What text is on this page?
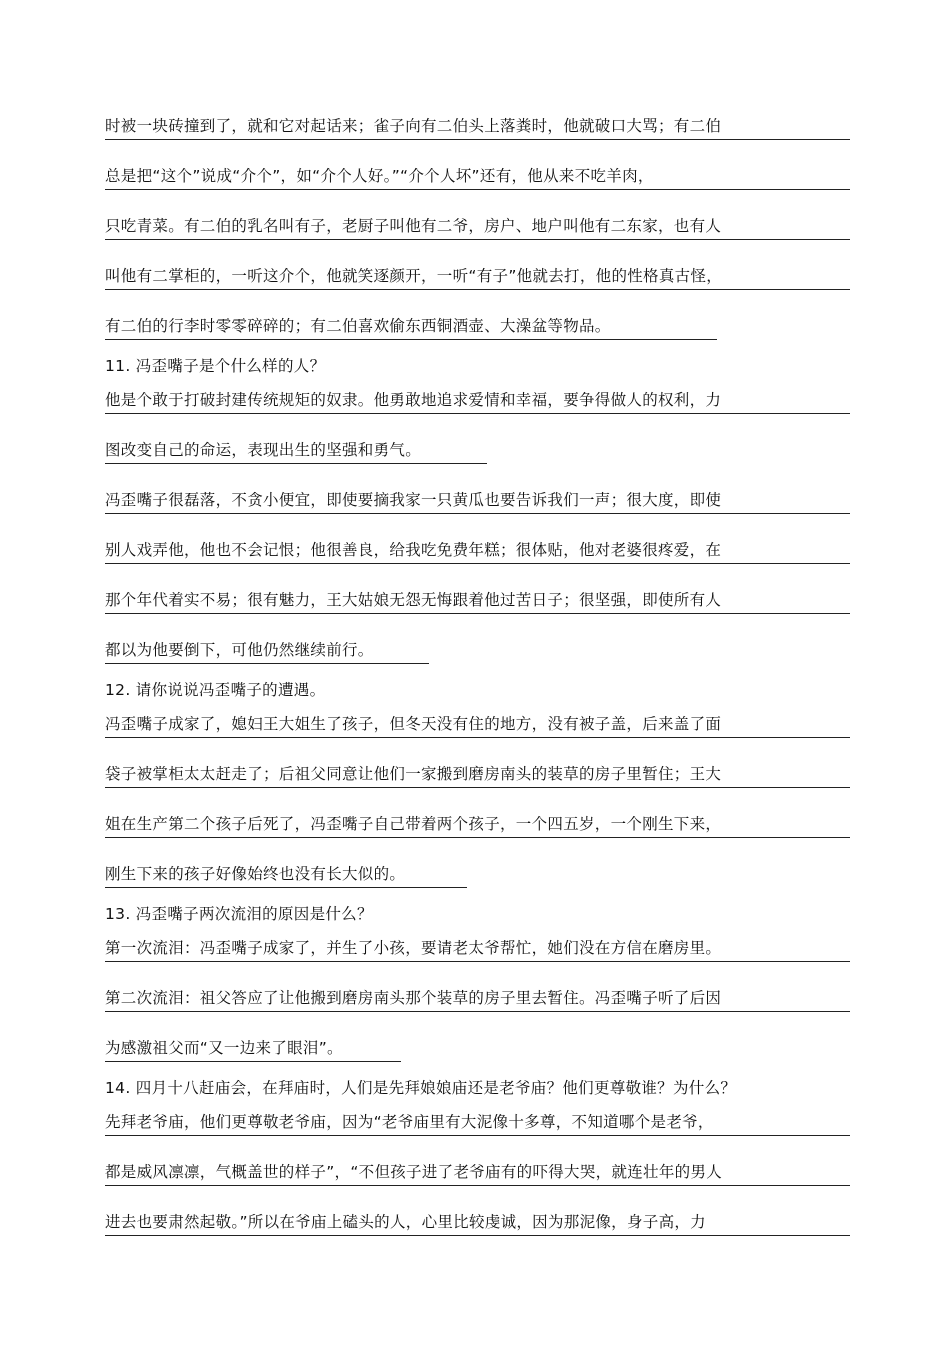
时被一块砖撞到了，就和它对起话来；雀子向有二伯头上落粪时，他就破口大骂；有二伯
总是把“这个”说成“介个”，如“介个人好。”“介个人坏”还有，他从来不吃羊肉，
只吃青菜。有二伯的乳名叫有子，老厨子叫他有二爷，房户、地户叫他有二东家，也有人
叫他有二掌柜的，一听这介个，他就笑逐颜开，一听“有子”他就去打，他的性格真古怪，
有二伯的行李时零零碎碎的；有二伯喜欢偷东西铜酒壶、大澡盆等物品。
11. 冯歪嘴子是个什么样的人？
他是个敢于打破封建传统规矩的奴隶。他勇敢地追求爱情和幸福，要争得做人的权利，力
图改变自己的命运，表现出生的坚强和勇气。
冯歪嘴子很磊落，不贪小便宜，即使要摘我家一只黄瓜也要告诉我们一声；很大度，即使
别人戏弄他，他也不会记恨；他很善良，给我吃免费年糕；很体贴，他对老婆很疼爱，在
那个年代着实不易；很有魅力，王大姑娘无怨无悔跟着他过苦日子；很坚强，即使所有人
都以为他要倒下，可他仍然继续前行。
12. 请你说说冯歪嘴子的遭遇。
冯歪嘴子成家了，媳妇王大姐生了孩子，但冬天没有住的地方，没有被子盖，后来盖了面
袋子被掌柜太太赶走了；后祖父同意让他们一家搬到磨房南头的装草的房子里暂住；王大
姐在生产第二个孩子后死了，冯歪嘴子自己带着两个孩子，一个四五岁，一个刚生下来，
刚生下来的孩子好像始终也没有长大似的。
13. 冯歪嘴子两次流泪的原因是什么？
第一次流泪：冯歪嘴子成家了，并生了小孩，要请老太爷帮忙，她们没在方信在磨房里。
第二次流泪：祖父答应了让他搬到磨房南头那个装草的房子里去暂住。冯歪嘴子听了后因
为感激祖父而“又一边来了眼泪”。
14. 四月十八赶庙会，在拜庙时，人们是先拜娘娘庙还是老爷庙？他们更尊敬谁？为什么？
先拜老爷庙，他们更尊敬老爷庙，因为“老爷庙里有大泥像十多尊，不知道哪个是老爷，
都是威风凛凛，气概盖世的样子”，“不但孩子进了老爷庙有的吓得大哭，就连壮年的男人
进去也要肃然起敬。”所以在爷庙上磕头的人，心里比较虔诚，因为那泥像，身子高，力
